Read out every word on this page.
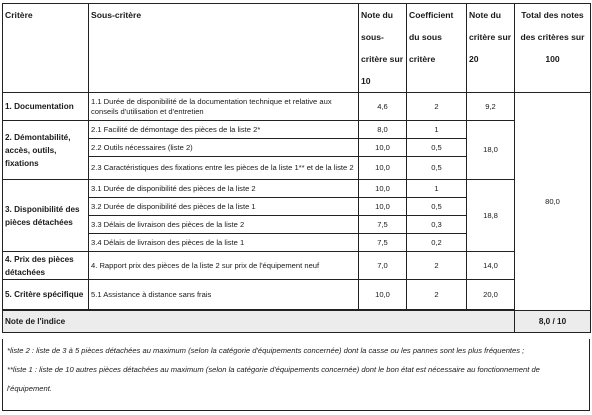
Critère	Sous-critère	Note du sous-critère sur 10	Coefficient du sous critère	Note du critère sur 20	Total des notes des critères sur 100

1. Documentation	1.1 Durée de disponibilité de la documentation technique et relative aux conseils d'utilisation et d'entretien	4,6	2	9,2	80,0
2. Démontabilité, accès, outils, fixations	2.1 Facilité de démontage des pièces de la liste 2*	8,0	1	18,0	
	2.2 Outils nécessaires (liste 2)	10,0	0,5		
	2.3 Caractéristiques des fixations entre les pièces de la liste 1** et de la liste 2	10,0	0,5		
3. Disponibilité des pièces détachées	3.1 Durée de disponibilité des pièces de la liste 2	10,0	1	18,8	
	3.2 Durée de disponibilité des pièces de la liste 1	10,0	0,5		
	3.3 Délais de livraison des pièces de la liste 2	7,5	0,3		
	3.4 Délais de livraison des pièces de la liste 1	7,5	0,2		
4. Prix des pièces détachées	4. Rapport prix des pièces de la liste 2 sur prix de l'équipement neuf	7,0	2	14,0	
5. Critère spécifique	5.1 Assistance à distance sans frais	10,0	2	20,0	

Note de l'indice					8,0 / 10

*liste 2 : liste de 3 à 5 pièces détachées au maximum (selon la catégorie d'équipements concernée) dont la casse ou les pannes sont les plus fréquentes ;

**liste 1 : liste de 10 autres pièces détachées au maximum (selon la catégorie d'équipements concernée) dont le bon état est nécessaire au fonctionnement de l'équipement.
